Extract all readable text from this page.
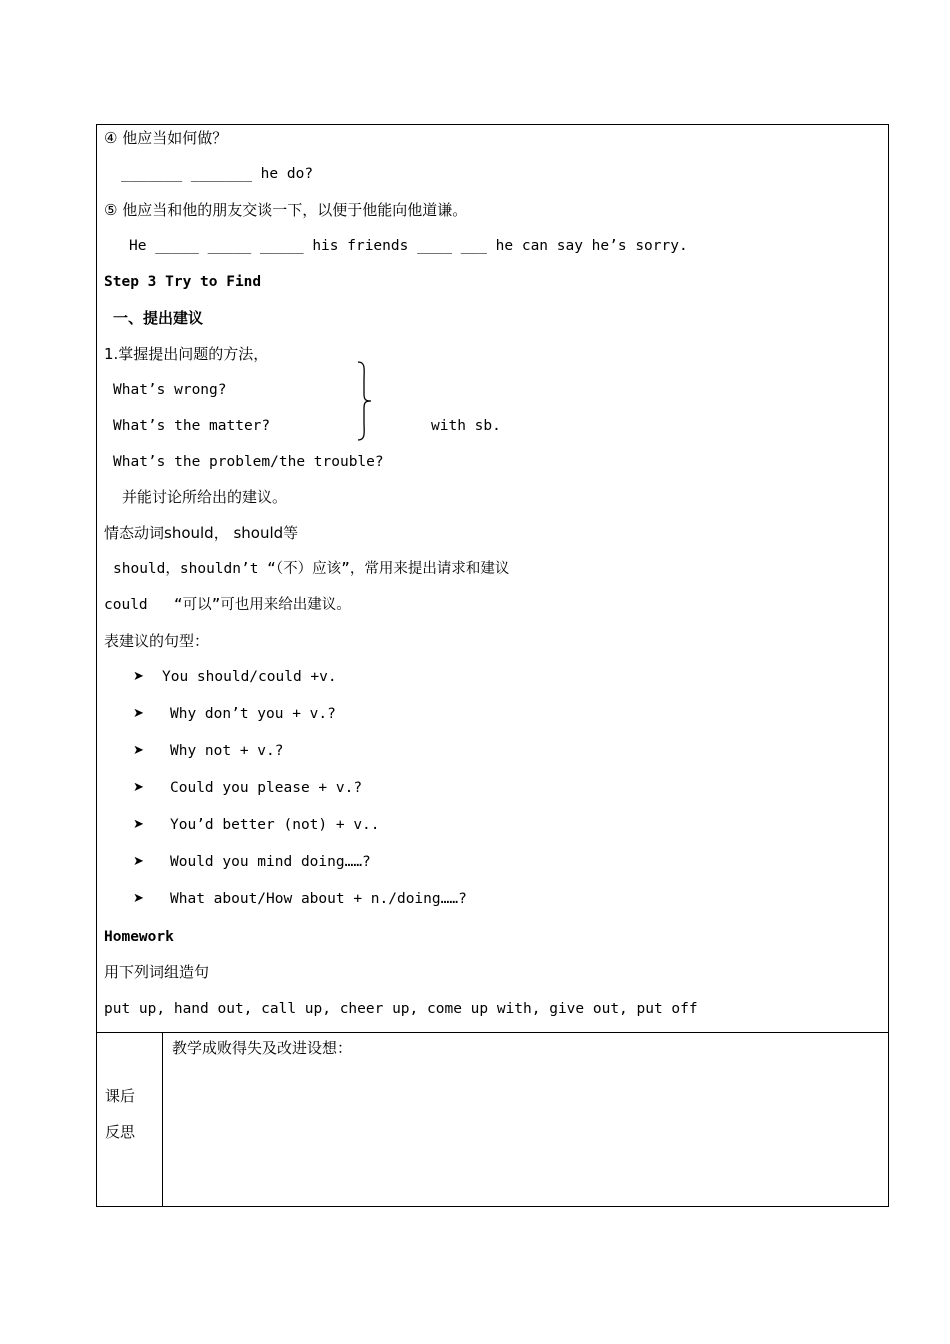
④ 他应当如何做？
_______ _______ he do?
⑤ 他应当和他的朋友交谈一下，以便于他能向他道谦。
He _____ _____ _____ his friends ____ ___ he can say he’s sorry.
Step 3 Try to Find
一、提出建议
1.掌握提出问题的方法，
What’s wrong?
What’s the matter?
What’s the problem/the trouble?
with sb.
并能讨论所给出的建议。
情态动词should， should等
should，shouldn’t “（不）应该”，常用来提出请求和建议
could   “可以”可也用来给出建议。
表建议的句型：
➤ You should/could +v.
➤ Why don’t you + v.?
➤ Why not + v.?
➤ Could you please + v.?
➤ You’d better (not) + v..
➤ Would you mind doing……?
➤ What about/How about + n./doing……?
Homework
用下列词组造句
put up, hand out, call up, cheer up, come up with, give out, put off
教学成败得失及改进设想：
课后
反思
